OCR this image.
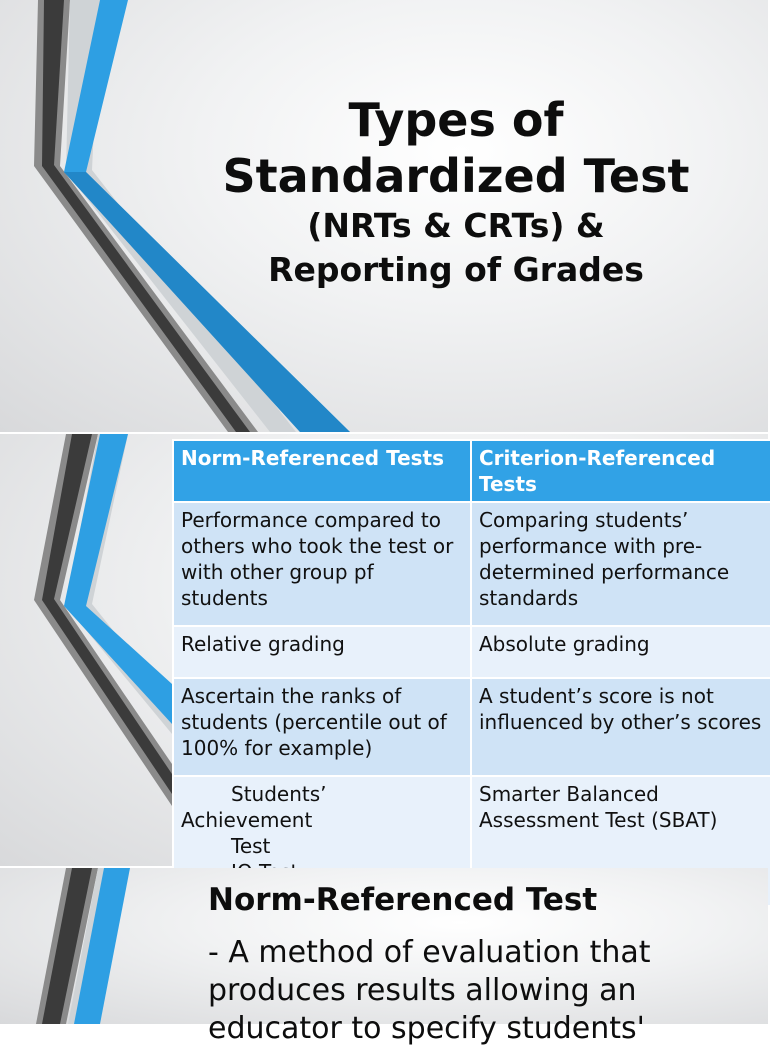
Types of
Standardized Test
(NRTs & CRTs) &
Reporting of Grades
Norm-Referenced Tests	Criterion-Referenced Tests
Performance compared to others who took the test or with other group pf students	Comparing students’ performance with pre-determined performance standards
Relative grading	Absolute grading
Ascertain the ranks of students (percentile out of 100% for example)	A student’s score is not influenced by other’s scores

Students’
Achievement
Test	Smarter Balanced Assessment Test (SBAT)
Norm-Referenced Test
- A method of evaluation that produces results allowing an educator to specify students'
